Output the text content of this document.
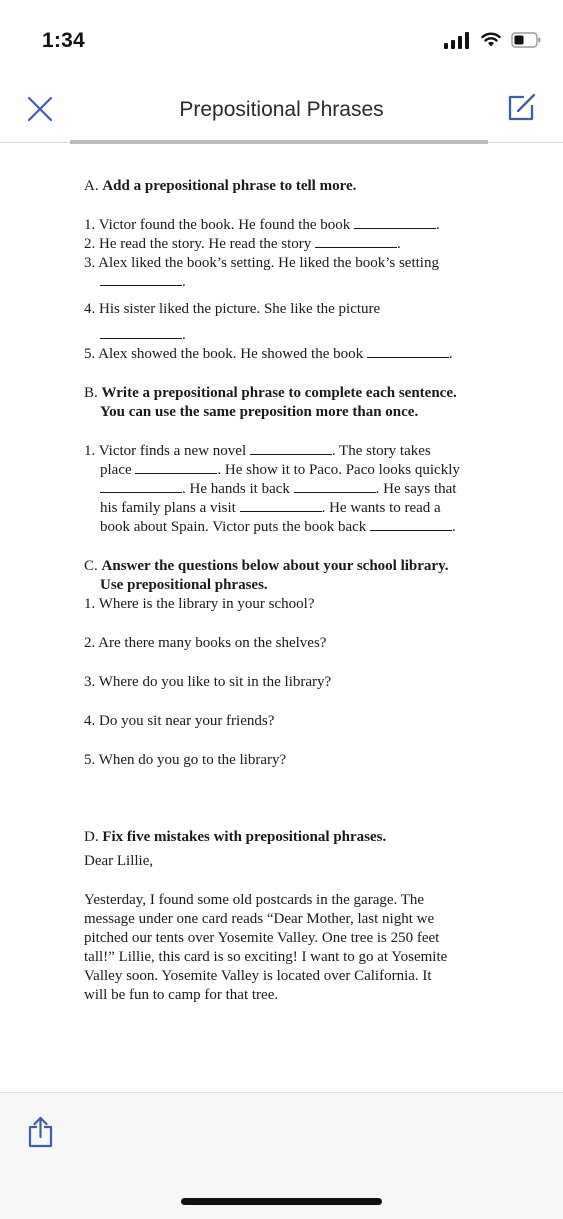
1:34
Prepositional Phrases

A. Add a prepositional phrase to tell more.

1. Victor found the book. He found the book	.

2. He read the story. He read the story	.

3. Alex liked the book’s setting. He liked the book’s setting

.

4. His sister liked the picture. She like the picture

.

5. Alex showed the book. He showed the book	.

B. Write a prepositional phrase to complete each sentence.

You can use the same preposition more than once.

1. Victor finds a new novel	. The story takes

place	. He show it to Paco. Paco looks quickly

. He hands it back	. He says that

his family plans a visit	. He wants to read a

book about Spain. Victor puts the book back	.

C. Answer the questions below about your school library.

Use prepositional phrases.

1. Where is the library in your school?

2. Are there many books on the shelves?

3. Where do you like to sit in the library?

4. Do you sit near your friends?

5. When do you go to the library?

D. Fix five mistakes with prepositional phrases.

Dear Lillie,

Yesterday, I found some old postcards in the garage. The

message under one card reads “Dear Mother, last night we

pitched our tents over Yosemite Valley. One tree is 250 feet

tall!” Lillie, this card is so exciting! I want to go at Yosemite

Valley soon. Yosemite Valley is located over California. It

will be fun to camp for that tree.
